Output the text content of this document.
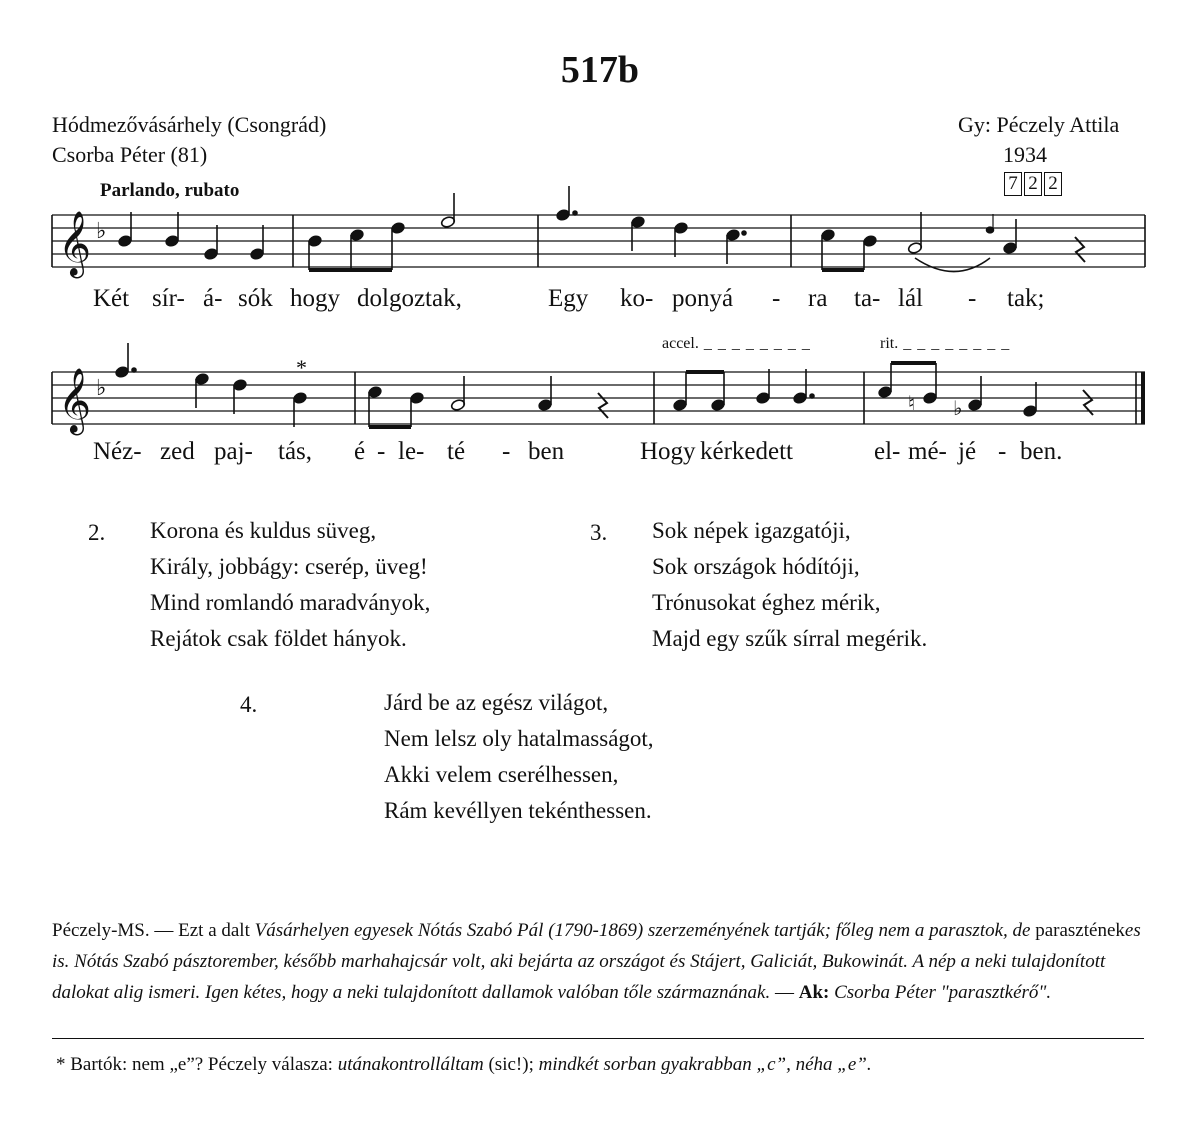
517b
Hódmezővásárhely (Csongrád)
Csorba Péter (81)
Gy: Péczely Attila
1934
7 2 2
Parlando, rubato
𝄞 ♭
𝄞 ♭
♮ ♭
Két sír- á- sók hogy dolgoztak,	Egy ko- ponyá - ra ta- lál - tak;
accel. _ _ _ _ _ _ _ _	rit. _ _ _ _ _ _ _ _
*
Néz- zed paj- tás, é - le- té - ben	Hogy kérkedett	el- mé- jé - ben.
2. Korona és kuldus süveg,
Király, jobbágy: cserép, üveg!
Mind romlandó maradványok,
Rejátok csak földet hányok.
3. Sok népek igazgatóji,
Sok országok hódítóji,
Trónusokat éghez mérik,
Majd egy szűk sírral megérik.
4.	Járd be az egész világot,
Nem lelsz oly hatalmasságot,
Akki velem cserélhessen,
Rám kevéllyen tekénthessen.
Péczely-MS. — Ezt a dalt Vásárhelyen egyesek Nótás Szabó Pál (1790-1869) szerzeményének tartják; főleg nem a parasztok, de paraszténekes is. Nótás Szabó pásztorember, később marhahajcsár volt, aki bejárta az országot és Stájert, Galiciát, Bukowinát. A nép a neki tulajdonított dalokat alig ismeri. Igen kétes, hogy a neki tulajdonított dallamok valóban tőle származnának. — Ak: Csorba Péter "parasztkérő".
* Bartók: nem „e”? Péczely válasza: utánakontrolláltam (sic!); mindkét sorban gyakrabban „c”, néha „e”.
